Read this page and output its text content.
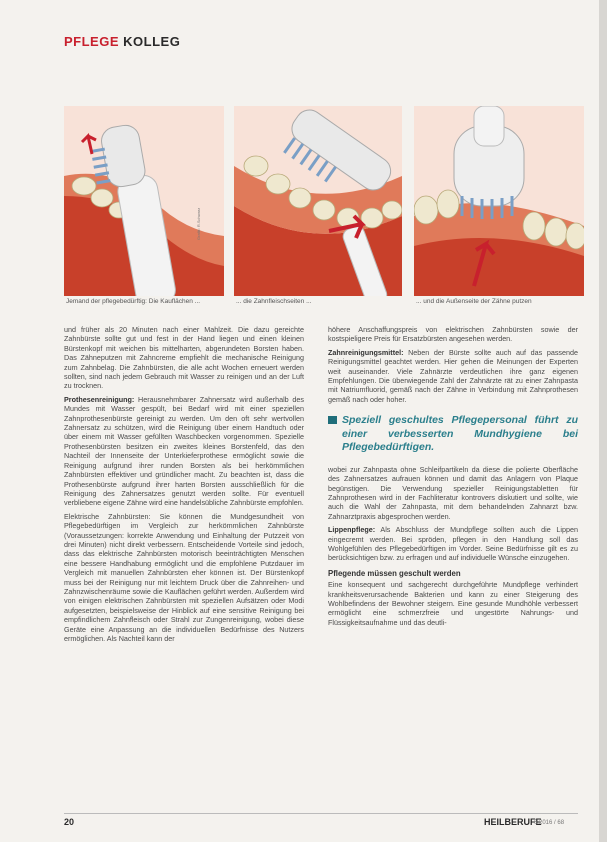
PFLEGE KOLLEG
Grafik: R.Schwarz
Jemand der pflegebedürftig: Die Kauflächen ...	... die Zahnfleischseiten ...	... und die Außenseite der Zähne putzen

und früher als 20 Minuten nach einer Mahlzeit. Die dazu gereichte Zahnbürste sollte gut und fest in der Hand liegen und einen kleinen Bürstenkopf mit weichen bis mittelharten, abgerundeten Borsten haben. Das Zähneputzen mit Zahncreme empfiehlt die mechanische Reinigung zum Zahnbelag. Die Zahnbürsten, die alle acht Wochen erneuert werden sollten, sind nach jedem Gebrauch mit Wasser zu reinigen und an der Luft zu trocknen.

Prothesenreinigung: Herausnehmbarer Zahnersatz wird außerhalb des Mundes mit Wasser gespült, bei Bedarf wird mit einer speziellen Zahnprothesenbürste gereinigt zu werden. Um den oft sehr wertvollen Zahnersatz zu schützen, wird die Reinigung über einem Handtuch oder über einem mit Wasser gefüllten Waschbecken vorgenommen. Spezielle Prothesenbürsten besitzen ein zweites kleines Borstenfeld, das den Nachteil der Innenseite der Unterkieferprothese ermöglicht sowie die Reinigung aufgrund ihrer runden Borsten als bei herkömmlichen Zahnbürsten effektiver und gründlicher macht. Zu beachten ist, dass die Prothesenbürste aufgrund ihrer harten Borsten ausschließlich für die Reinigung des Zahnersatzes genutzt werden sollte. Für eventuell verbliebene eigene Zähne wird eine handelsübliche Zahnbürste empfohlen.

Elektrische Zahnbürsten: Sie können die Mundgesundheit von Pflegebedürftigen im Vergleich zur herkömmlichen Zahnbürste (Voraussetzungen: korrekte Anwendung und Einhaltung der Putzzeit von drei Minuten) nicht direkt verbessern. Entscheidende Vorteile sind jedoch, dass das elektrische Zahnbürsten motorisch beeinträchtigten Menschen eine bessere Handhabung ermöglicht und die empfohlene Putzdauer im Vergleich mit manuellen Zahnbürsten eher können ist. Der Bürstenkopf muss bei der Reinigung nur mit leichtem Druck über die Zahnreihen- und Zahnzwischenräume sowie die Kauflächen geführt werden. Außerdem wird von einigen elektrischen Zahnbürsten mit speziellen Aufsätzen oder Modi aufgesetzten, beispielsweise der Hinblick auf eine sensitive Reinigung bei empfindlichem Zahnfleisch oder Strahl zur Zungenreinigung, wobei diese Geräte eine Anpassung an die individuellen Bedürfnisse des Nutzers ermöglichen. Als Nachteil kann der

höhere Anschaffungspreis von elektrischen Zahnbürsten sowie der kostspieligere Preis für Ersatzbürsten angesehen werden.

Zahnreinigungsmittel: Neben der Bürste sollte auch auf das passende Reinigungsmittel geachtet werden. Hier gehen die Meinungen der Experten weit auseinander. Viele Zahnärzte verdeutlichen ihre ganz eigenen Empfehlungen. Die überwiegende Zahl der Zahnärzte rät zu einer Zahnpasta mit Natriumfluorid, gemäß nach der Zähne in Verbindung mit Zahnprothesen gemäß nach oder hoher.

Speziell geschultes Pflegepersonal führt zu einer verbesserten Mundhygiene bei Pflegebedürftigen.

wobei zur Zahnpasta ohne Schleifpartikeln da diese die polierte Oberfläche des Zahnersatzes aufrauen können und damit das Anlagern von Plaque begünstigen. Die Verwendung spezieller Reinigungstabletten für Zahnprothesen wird in der Fachliteratur kontrovers diskutiert und sollte, wie auch die Wahl der Zahnpasta, mit dem behandelnden Zahnarzt bzw. Zahnarztpraxis abgesprochen werden.

Lippenpflege: Als Abschluss der Mundpflege sollten auch die Lippen eingecremt werden. Bei spröden, pflegen in den Handlung soll das Wohlgefühlen des Pflegebedürftigen im Vorder. Seine Bedürfnisse gilt es zu berücksichtigen bzw. zu erfragen und auf individuelle Wünsche einzugehen.

Pflegende müssen geschult werden

Eine konsequent und sachgerecht durchgeführte Mundpflege verhindert krankheitsverursachende Bakterien und kann zu einer Steigerung des Wohlbefindens der Bewohner steigern. Eine gesunde Mundhöhle verbessert ermöglicht eine schmerzfreie und ungestörte Nahrungs- und Flüssigkeitsaufnahme und das deutli-

20	HEILBERUFE
6.2016 / 68
